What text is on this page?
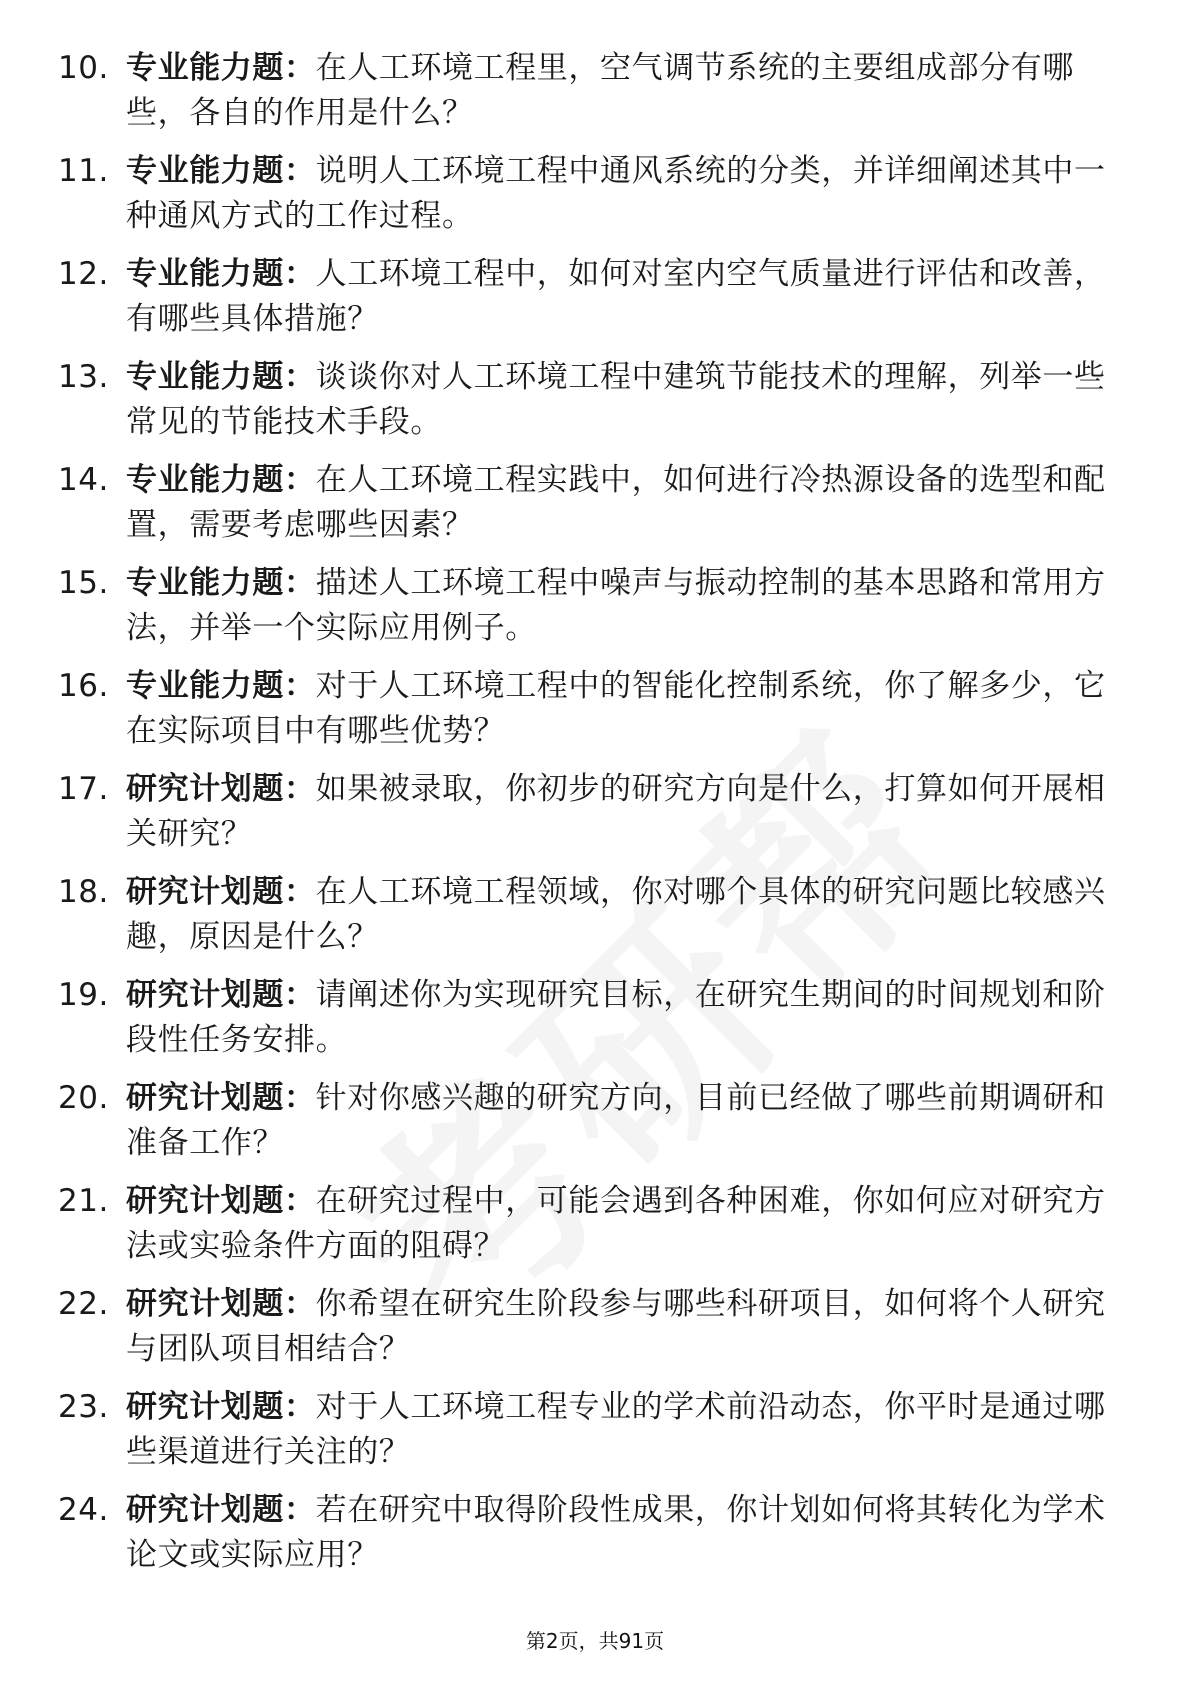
10. 专业能力题：在人工环境工程里，空气调节系统的主要组成部分有哪些，各自的作用是什么？
11. 专业能力题：说明人工环境工程中通风系统的分类，并详细阐述其中一种通风方式的工作过程。
12. 专业能力题：人工环境工程中，如何对室内空气质量进行评估和改善，有哪些具体措施？
13. 专业能力题：谈谈你对人工环境工程中建筑节能技术的理解，列举一些常见的节能技术手段。
14. 专业能力题：在人工环境工程实践中，如何进行冷热源设备的选型和配置，需要考虑哪些因素？
15. 专业能力题：描述人工环境工程中噪声与振动控制的基本思路和常用方法，并举一个实际应用例子。
16. 专业能力题：对于人工环境工程中的智能化控制系统，你了解多少，它在实际项目中有哪些优势？
17. 研究计划题：如果被录取，你初步的研究方向是什么，打算如何开展相关研究？
18. 研究计划题：在人工环境工程领域，你对哪个具体的研究问题比较感兴趣，原因是什么？
19. 研究计划题：请阐述你为实现研究目标，在研究生期间的时间规划和阶段性任务安排。
20. 研究计划题：针对你感兴趣的研究方向，目前已经做了哪些前期调研和准备工作？
21. 研究计划题：在研究过程中，可能会遇到各种困难，你如何应对研究方法或实验条件方面的阻碍？
22. 研究计划题：你希望在研究生阶段参与哪些科研项目，如何将个人研究与团队项目相结合？
23. 研究计划题：对于人工环境工程专业的学术前沿动态，你平时是通过哪些渠道进行关注的？
24. 研究计划题：若在研究中取得阶段性成果，你计划如何将其转化为学术论文或实际应用？
第2页，共91页
